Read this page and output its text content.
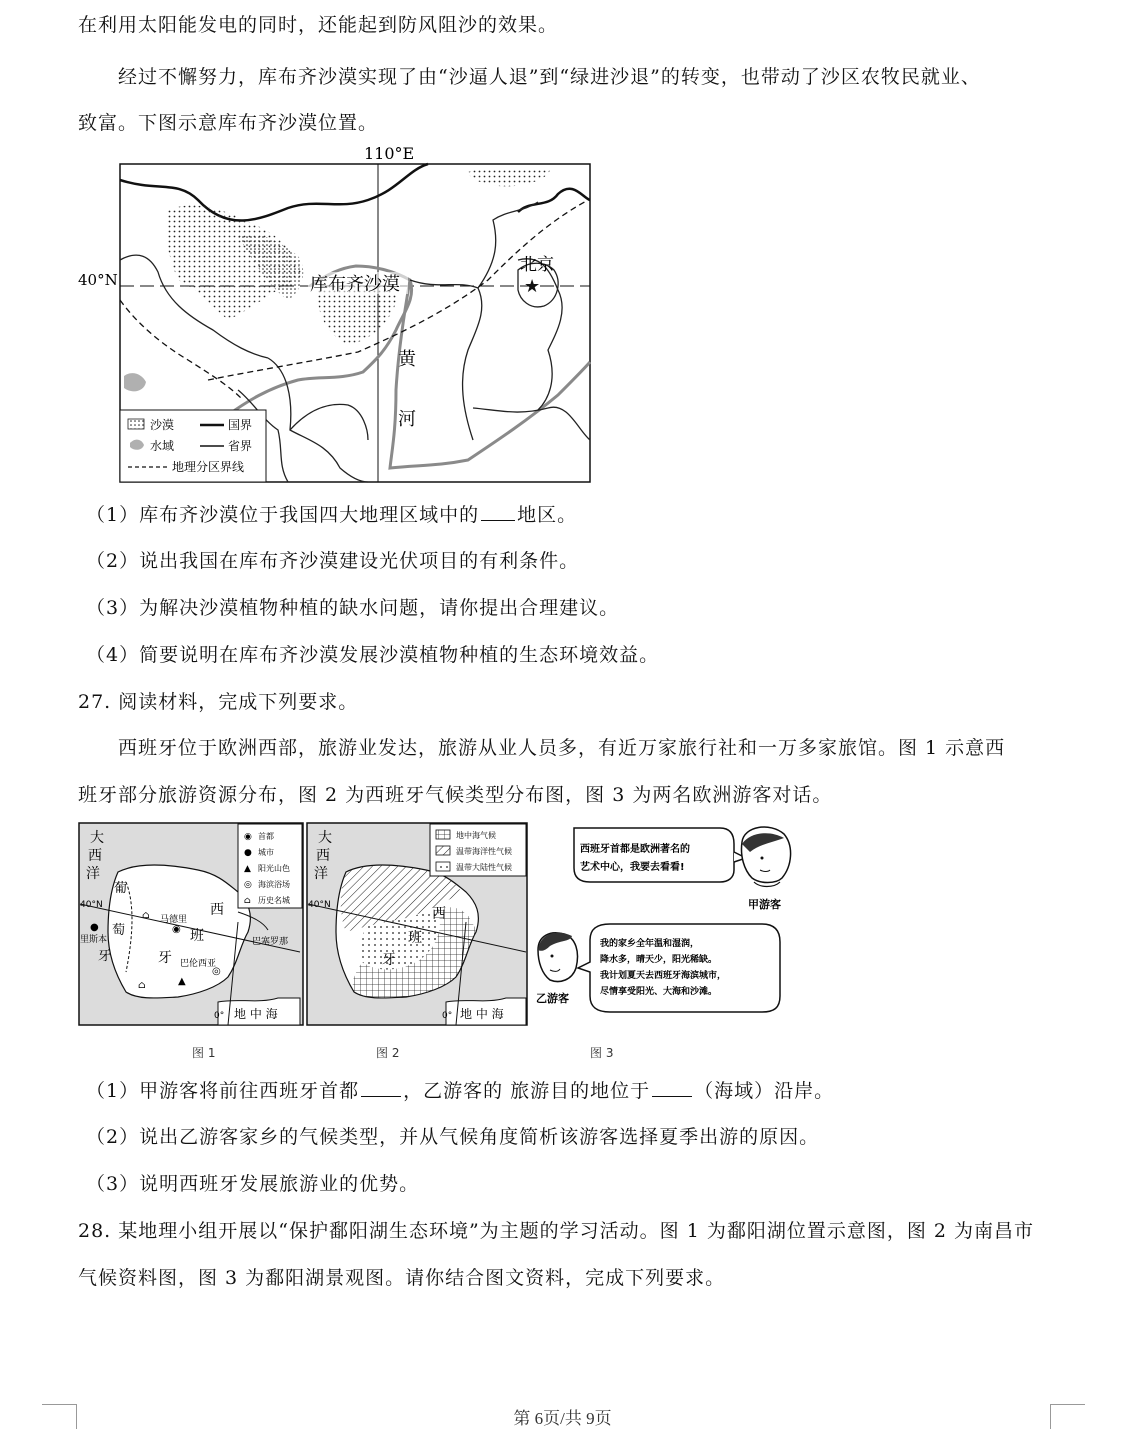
在利用太阳能发电的同时，还能起到防风阻沙的效果。
经过不懈努力，库布齐沙漠实现了由“沙逼人退”到“绿进沙退”的转变，也带动了沙区农牧民就业、
致富。下图示意库布齐沙漠位置。
110°E
40°N	库布齐沙漠
北京
★
黄
河
沙漠	国界
水域	省界
地理分区界线
（1）库布齐沙漠位于我国四大地理区域中的 地区。
（2）说出我国在库布齐沙漠建设光伏项目的有利条件。
（3）为解决沙漠植物种植的缺水问题，请你提出合理建议。
（4）简要说明在库布齐沙漠发展沙漠植物种植的生态环境效益。
27. 阅读材料，完成下列要求。
西班牙位于欧洲西部，旅游业发达，旅游从业人员多，有近万家旅行社和一万多家旅馆。图 1 示意西
班牙部分旅游资源分布，图 2 为西班牙气候类型分布图，图 3 为两名欧洲游客对话。
大
西
洋
葡
萄
牙
西
班
牙
40°N
0° 地 中 海
马德里
◉
里斯本
●
巴塞罗那
巴伦西亚
⌂
⌂	▲
◎
◉ 首都
● 城市
▲ 阳光山色
◎ 海滨浴场
⌂ 历史名城
大
西
洋
西
班
牙
40°N
0° 地 中 海
地中海气候
温带海洋性气候
温带大陆性气候
西班牙首都是欧洲著名的
艺术中心，我要去看看!
甲游客
我的家乡全年温和湿润，
降水多，晴天少，阳光稀缺。
我计划夏天去西班牙海滨城市，
尽情享受阳光、大海和沙滩。
乙游客
图 1	图 2	图 3
（1）甲游客将前往西班牙首都 ，乙游客的 旅游目的地位于 （海域）沿岸。
（2）说出乙游客家乡的气候类型，并从气候角度简析该游客选择夏季出游的原因。
（3）说明西班牙发展旅游业的优势。
28. 某地理小组开展以“保护鄱阳湖生态环境”为主题的学习活动。图 1 为鄱阳湖位置示意图，图 2 为南昌市
气候资料图，图 3 为鄱阳湖景观图。请你结合图文资料，完成下列要求。
第 6页/共 9页
